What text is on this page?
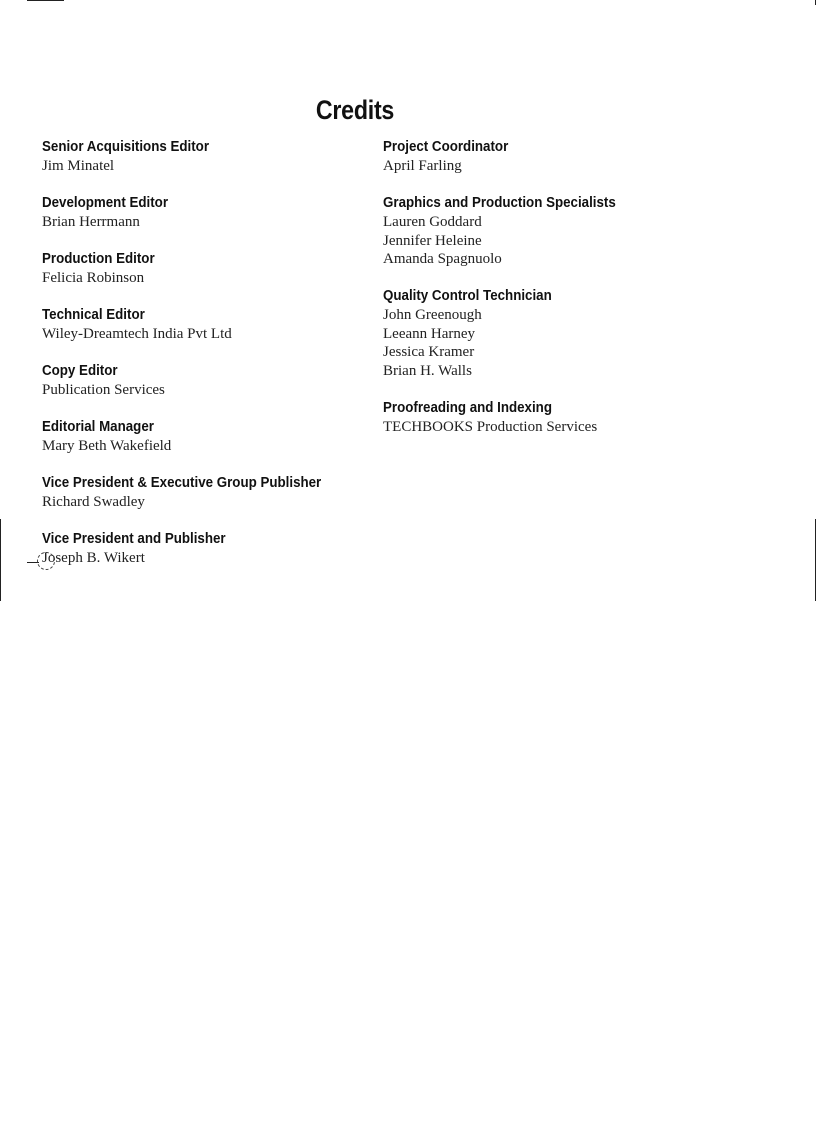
Credits
Senior Acquisitions Editor
Jim Minatel
Development Editor
Brian Herrmann
Production Editor
Felicia Robinson
Technical Editor
Wiley-Dreamtech India Pvt Ltd
Copy Editor
Publication Services
Editorial Manager
Mary Beth Wakefield
Vice President & Executive Group Publisher
Richard Swadley
Vice President and Publisher
Joseph B. Wikert
Project Coordinator
April Farling
Graphics and Production Specialists
Lauren Goddard
Jennifer Heleine
Amanda Spagnuolo
Quality Control Technician
John Greenough
Leeann Harney
Jessica Kramer
Brian H. Walls
Proofreading and Indexing
TECHBOOKS Production Services
